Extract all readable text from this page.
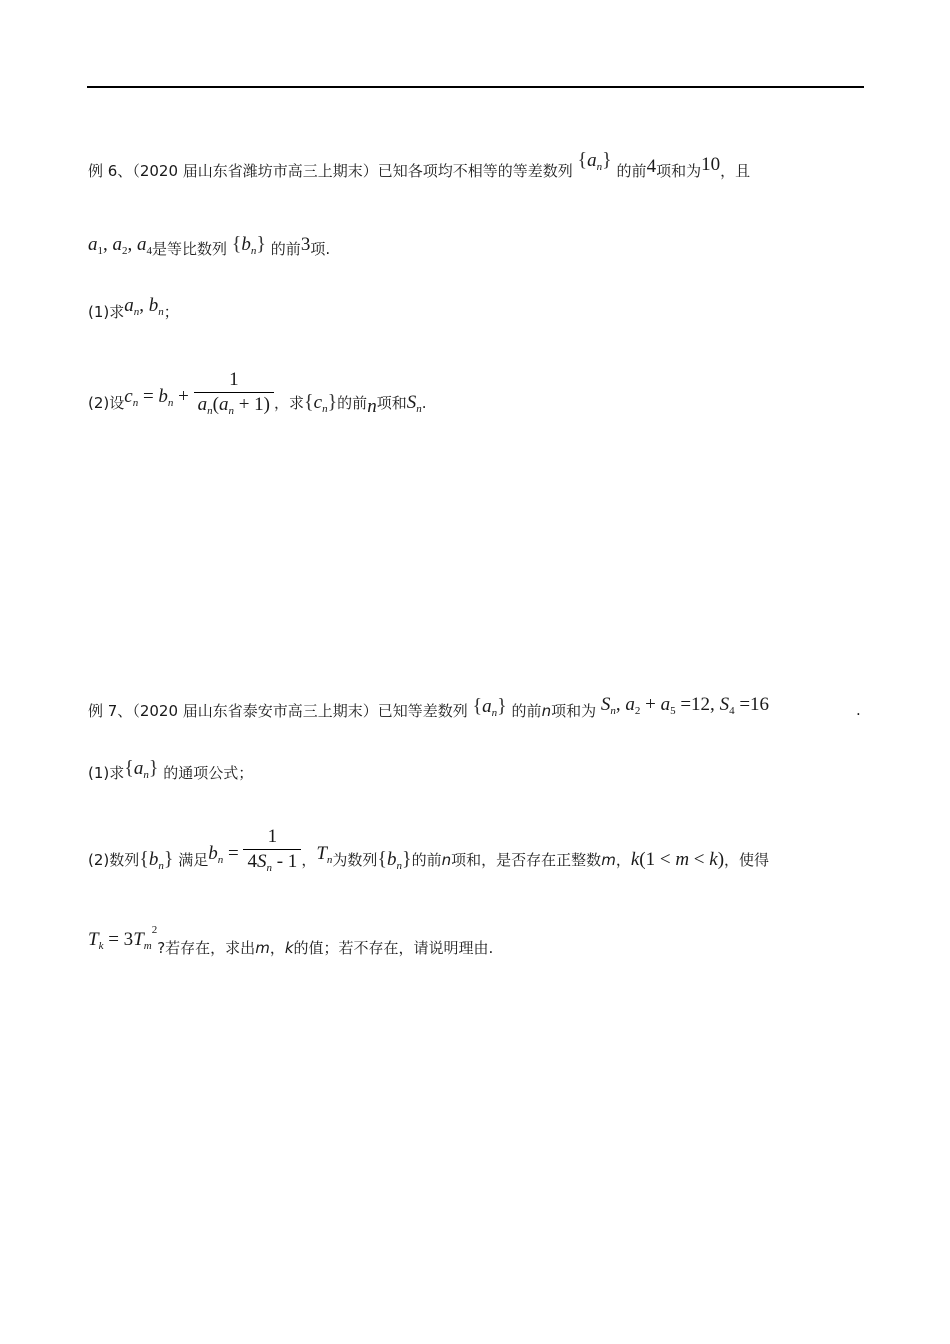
例 6、（2020 届山东省潍坊市高三上期末）已知各项均不相等的等差数列 $\{a_n\}$ 的前4项和为10，且
$a_1$, $a_2$, $a_4$是等比数列 $\{b_n\}$ 的前3项.
(1)求$a_n$, $b_n$；
(2)设$c_n = b_n + \frac{1}{a_n(a_n + 1)}$ ，求$\{c_n\}$的前n项和$S_n$.
例 7、（2020 届山东省泰安市高三上期末）已知等差数列 $\{a_n\}$ 的前n项和为 $S_n$, $a_2 + a_5 =12$, $S_4 =16$	.
(1)求$\{a_n\}$ 的通项公式；
(2)数列$\{b_n\}$ 满足$b_n = \frac{1}{4S_n - 1}$ ，$T_n$为数列$\{b_n\}$的前n项和，是否存在正整数m，k(1 < m < k)，使得
$T_k = 3T_m^2$?若存在，求出m，k的值；若不存在，请说明理由.
